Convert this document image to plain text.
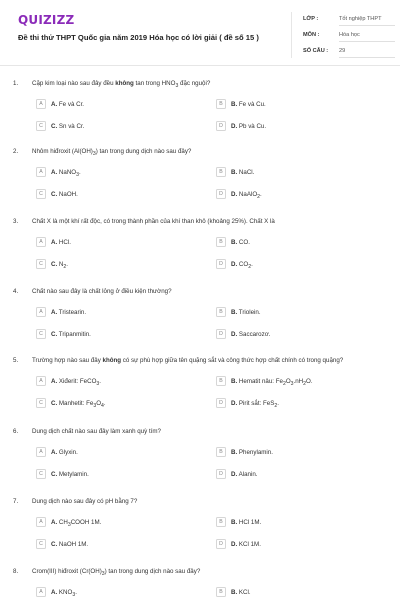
QUIZIZZ
Đề thi thử THPT Quốc gia năm 2019 Hóa học có lời giải ( đề số 15 )
LỚP :	Tốt nghiệp THPT
MÔN :	Hóa học
SỐ CÂU : 29
1. Cặp kim loại nào sau đây đều không tan trong $HNO_3$ đặc nguội?
A	A. Fe và Cr.	B	B. Fe và Cu.
C	C. Sn và Cr.	D	D. Pb và Cu.
2. Nhôm hiđroxit $(Al(OH)_3)$ tan trong dung dịch nào sau đây?
A	A. NaNO$_3$.	B	B. NaCl.
C	C. NaOH.	D	D. NaAlO$_2$.
3. Chất X là một khí rất độc, có trong thành phần của khí than khô (khoảng 25%). Chất X là
A	A. HCl.	B	B. CO.
C	C. $N_2$.	D	D. $CO_2$.
4. Chất nào sau đây là chất lỏng ở điều kiện thường?
A	A. Tristearin.	B	B. Triolein.
C	C. Tripanmitin.	D	D. Saccarozơ.
5. Trường hợp nào sau đây không có sự phù hợp giữa tên quặng sắt và công thức hợp chất chính có trong quặng?
A	A. Xiđerit: FeCO$_3$.	B	B. Hematit nâu: $Fe_2O_3.nH_2O$.
C	C. Manhetit: $Fe_3O_4$.	D	D. Pirit sắt: FeS$_2$.
6. Dung dịch chất nào sau đây làm xanh quỳ tím?
A	A. Glyxin.	B	B. Phenylamin.
C	C. Metylamin.	D	D. Alanin.
7. Dung dịch nào sau đây có pH bằng 7?
A	A. $CH_3COOH$ 1M.	B	B. HCl 1M.
C	C. NaOH 1M.	D	D. KCl 1M.
8. Crom(III) hiđroxit $(Cr(OH)_3)$ tan trong dung dịch nào sau đây?
A	A. $KNO_3$.	B	B. KCl.
